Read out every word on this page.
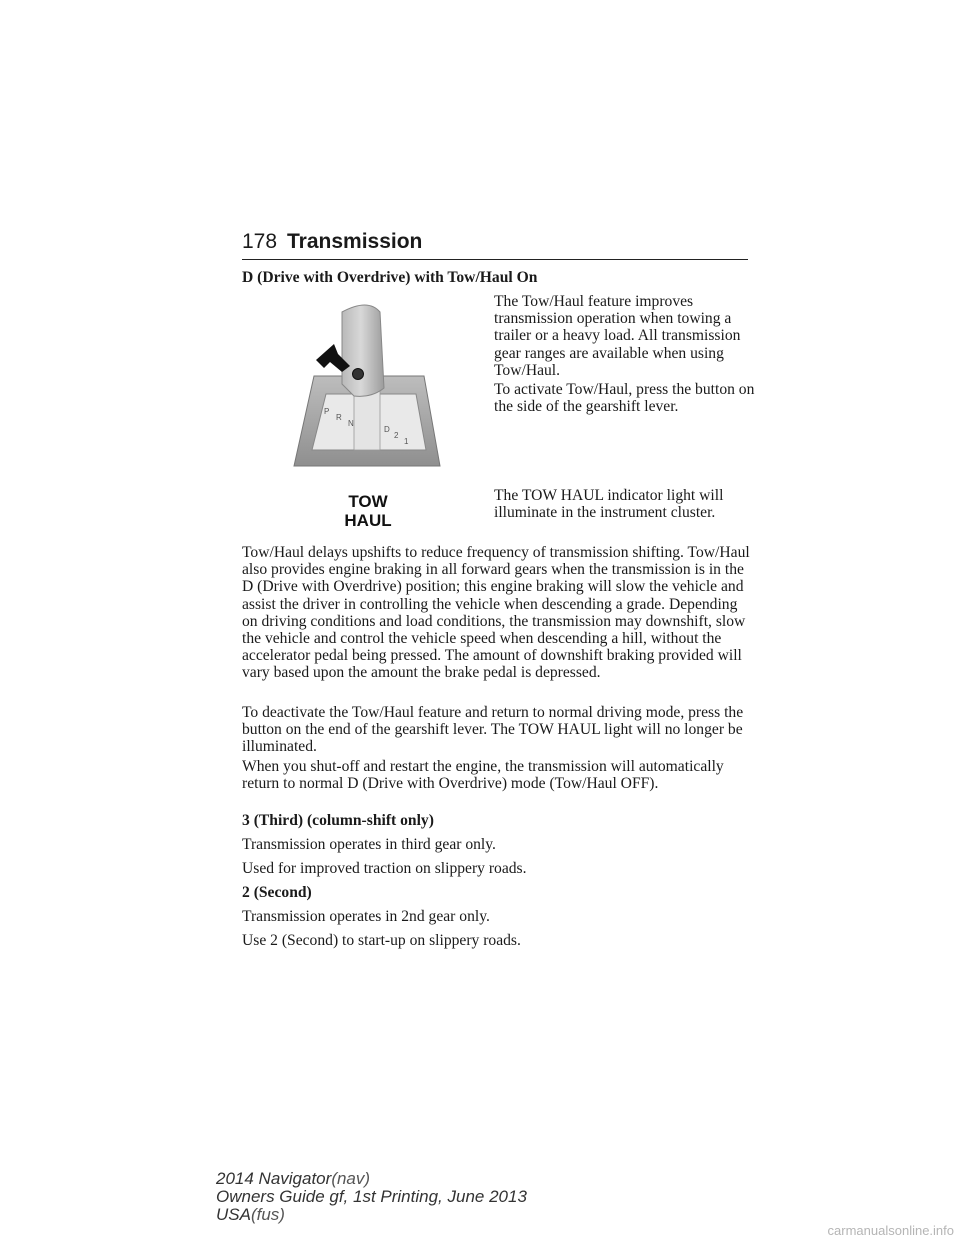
178 Transmission

D (Drive with Overdrive) with Tow/Haul On

The Tow/Haul feature improves transmission operation when towing a trailer or a heavy load. All transmission gear ranges are available when using Tow/Haul.

To activate Tow/Haul, press the button on the side of the gearshift lever.

The TOW HAUL indicator light will illuminate in the instrument cluster.

P
R
N
D
2
1
TOW
HAUL

Tow/Haul delays upshifts to reduce frequency of transmission shifting. Tow/Haul also provides engine braking in all forward gears when the transmission is in the D (Drive with Overdrive) position; this engine braking will slow the vehicle and assist the driver in controlling the vehicle when descending a grade. Depending on driving conditions and load conditions, the transmission may downshift, slow the vehicle and control the vehicle speed when descending a hill, without the accelerator pedal being pressed. The amount of downshift braking provided will vary based upon the amount the brake pedal is depressed.

To deactivate the Tow/Haul feature and return to normal driving mode, press the button on the end of the gearshift lever. The TOW HAUL light will no longer be illuminated.

When you shut-off and restart the engine, the transmission will automatically return to normal D (Drive with Overdrive) mode (Tow/Haul OFF).

3 (Third) (column-shift only)

Transmission operates in third gear only.

Used for improved traction on slippery roads.

2 (Second)

Transmission operates in 2nd gear only.

Use 2 (Second) to start-up on slippery roads.

2014 Navigator(nav)
Owners Guide gf, 1st Printing, June 2013
USA(fus)
carmanualsonline.info
